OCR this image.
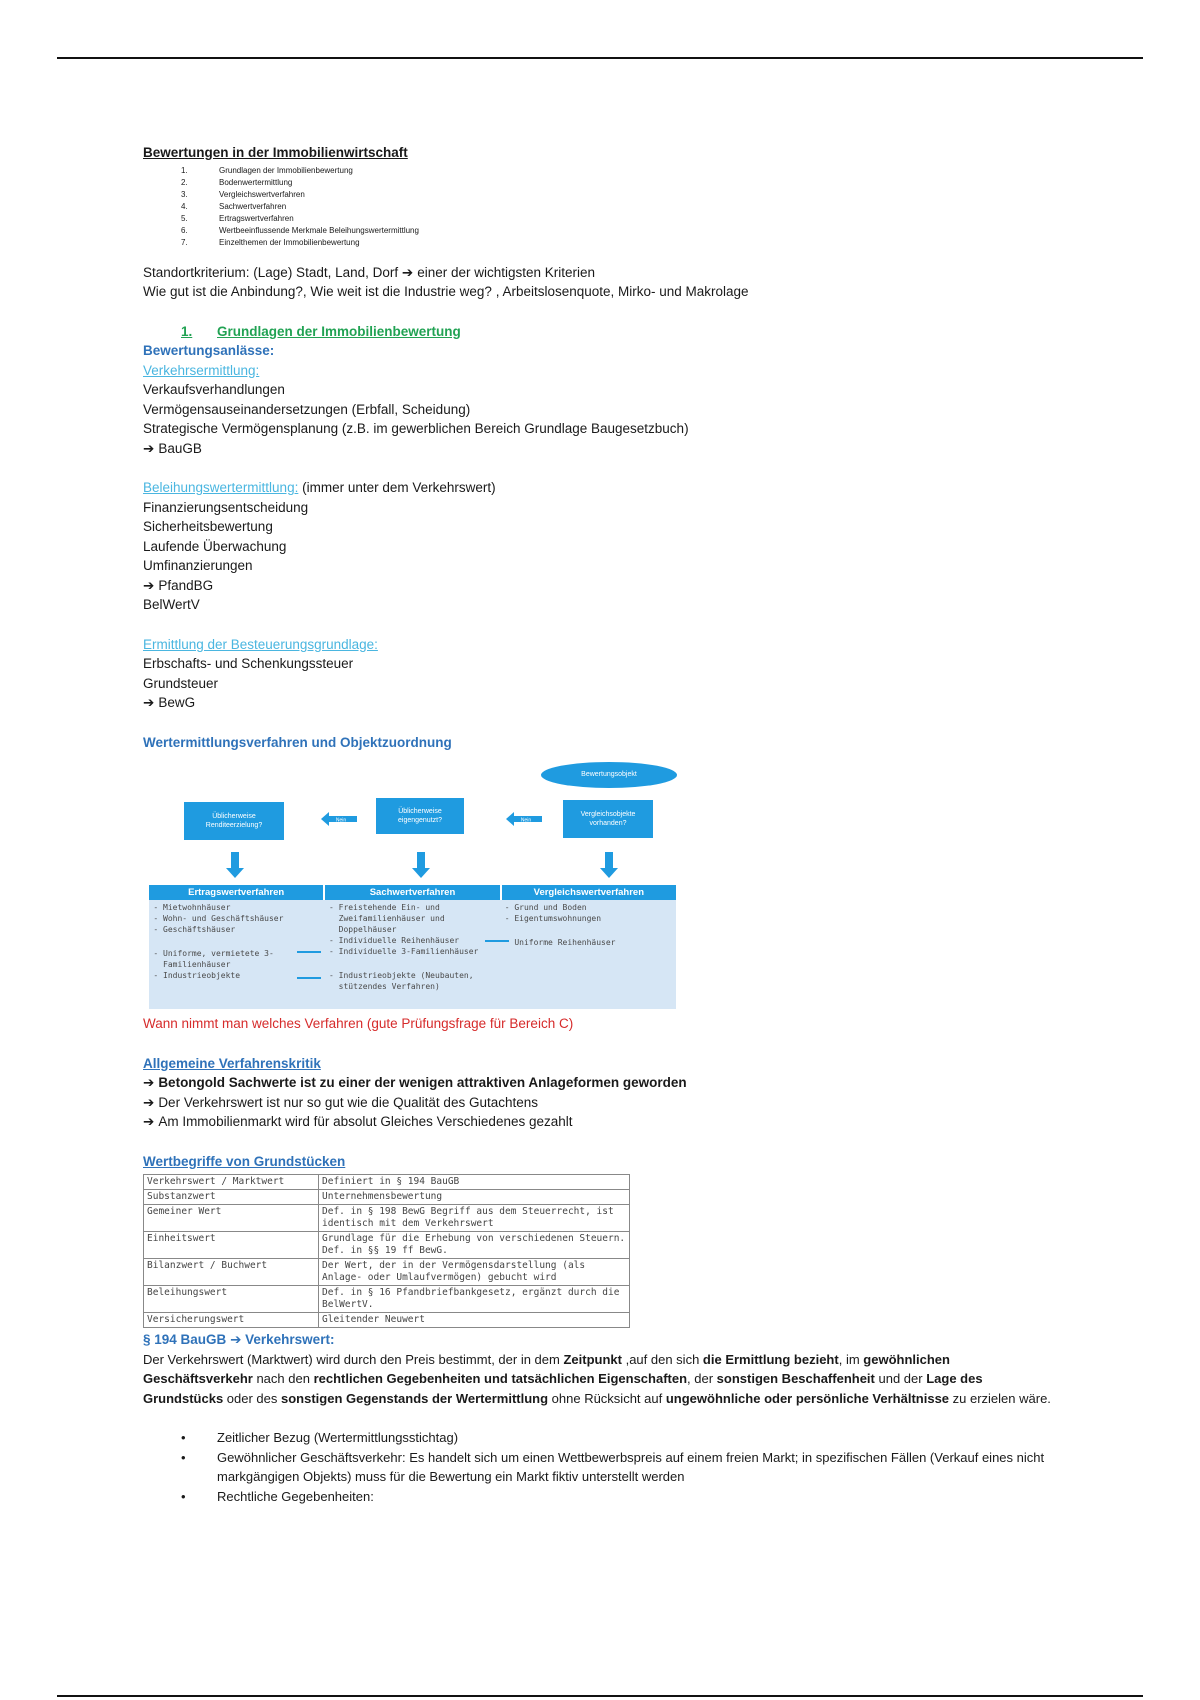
Bewertungen in der Immobilienwirtschaft
1.	Grundlagen der Immobilienbewertung
2.	Bodenwertermittlung
3.	Vergleichswertverfahren
4.	Sachwertverfahren
5.	Ertragswertverfahren
6.	Wertbeeinflussende Merkmale Beleihungswertermittlung
7.	Einzelthemen der Immobilienbewertung

Standortkriterium: (Lage) Stadt, Land, Dorf ➔ einer der wichtigsten Kriterien

Wie gut ist die Anbindung?, Wie weit ist die Industrie weg? , Arbeitslosenquote, Mirko- und Makrolage

1.	Grundlagen der Immobilienbewertung
Bewertungsanlässe:
Verkehrsermittlung:

Verkaufsverhandlungen

Vermögensauseinandersetzungen (Erbfall, Scheidung)

Strategische Vermögensplanung (z.B. im gewerblichen Bereich Grundlage Baugesetzbuch)

➔ BauGB

Beleihungswertermittlung: (immer unter dem Verkehrswert)

Finanzierungsentscheidung

Sicherheitsbewertung

Laufende Überwachung

Umfinanzierungen

➔ PfandBG

BelWertV

Ermittlung der Besteuerungsgrundlage:

Erbschafts- und Schenkungssteuer

Grundsteuer

➔ BewG

Wertermittlungsverfahren und Objektzuordnung
Bewertungsobjekt
Üblicherweise Renditeerzielung?
Üblicherweise eigengenutzt?
Vergleichsobjekte vorhanden?
Nein	Nein
Ertragswertverfahren	Sachwertverfahren	Vergleichswertverfahren
- Mietwohnhäuser
- Wohn- und Geschäftshäuser
- Geschäftshäuser
- Uniforme, vermietete 3-Familienhäuser
- Industrieobjekte
- Freistehende Ein- und Zweifamilienhäuser und Doppelhäuser
- Individuelle Reihenhäuser
- Individuelle 3-Familienhäuser
- Industrieobjekte (Neubauten, stützendes Verfahren)
- Grund und Boden
- Eigentumswohnungen
Uniforme Reihenhäuser
Wann nimmt man welches Verfahren (gute Prüfungsfrage für Bereich C)
Allgemeine Verfahrenskritik

➔ Betongold Sachwerte ist zu einer der wenigen attraktiven Anlageformen geworden

➔ Der Verkehrswert ist nur so gut wie die Qualität des Gutachtens

➔ Am Immobilienmarkt wird für absolut Gleiches Verschiedenes gezahlt

Wertbegriffe von Grundstücken
Verkehrswert / Marktwert	Definiert in § 194 BauGB
Substanzwert	Unternehmensbewertung
Gemeiner Wert	Def. in § 198 BewG Begriff aus dem Steuerrecht, ist identisch mit dem Verkehrswert
Einheitswert	Grundlage für die Erhebung von verschiedenen Steuern. Def. in §§ 19 ff BewG.
Bilanzwert / Buchwert	Der Wert, der in der Vermögensdarstellung (als Anlage- oder Umlaufvermögen) gebucht wird
Beleihungswert	Def. in § 16 Pfandbriefbankgesetz, ergänzt durch die BelWertV.
Versicherungswert	Gleitender Neuwert
§ 194 BauGB ➔ Verkehrswert:

Der Verkehrswert (Marktwert) wird durch den Preis bestimmt, der in dem Zeitpunkt ,auf den sich die Ermittlung bezieht, im gewöhnlichen Geschäftsverkehr nach den rechtlichen Gegebenheiten und tatsächlichen Eigenschaften, der sonstigen Beschaffenheit und der Lage des Grundstücks oder des sonstigen Gegenstands der Wertermittlung ohne Rücksicht auf ungewöhnliche oder persönliche Verhältnisse zu erzielen wäre.

•	Zeitlicher Bezug (Wertermittlungsstichtag)
•	Gewöhnlicher Geschäftsverkehr: Es handelt sich um einen Wettbewerbspreis auf einem freien Markt; in spezifischen Fällen (Verkauf eines nicht markgängigen Objekts) muss für die Bewertung ein Markt fiktiv unterstellt werden
•	Rechtliche Gegebenheiten:
